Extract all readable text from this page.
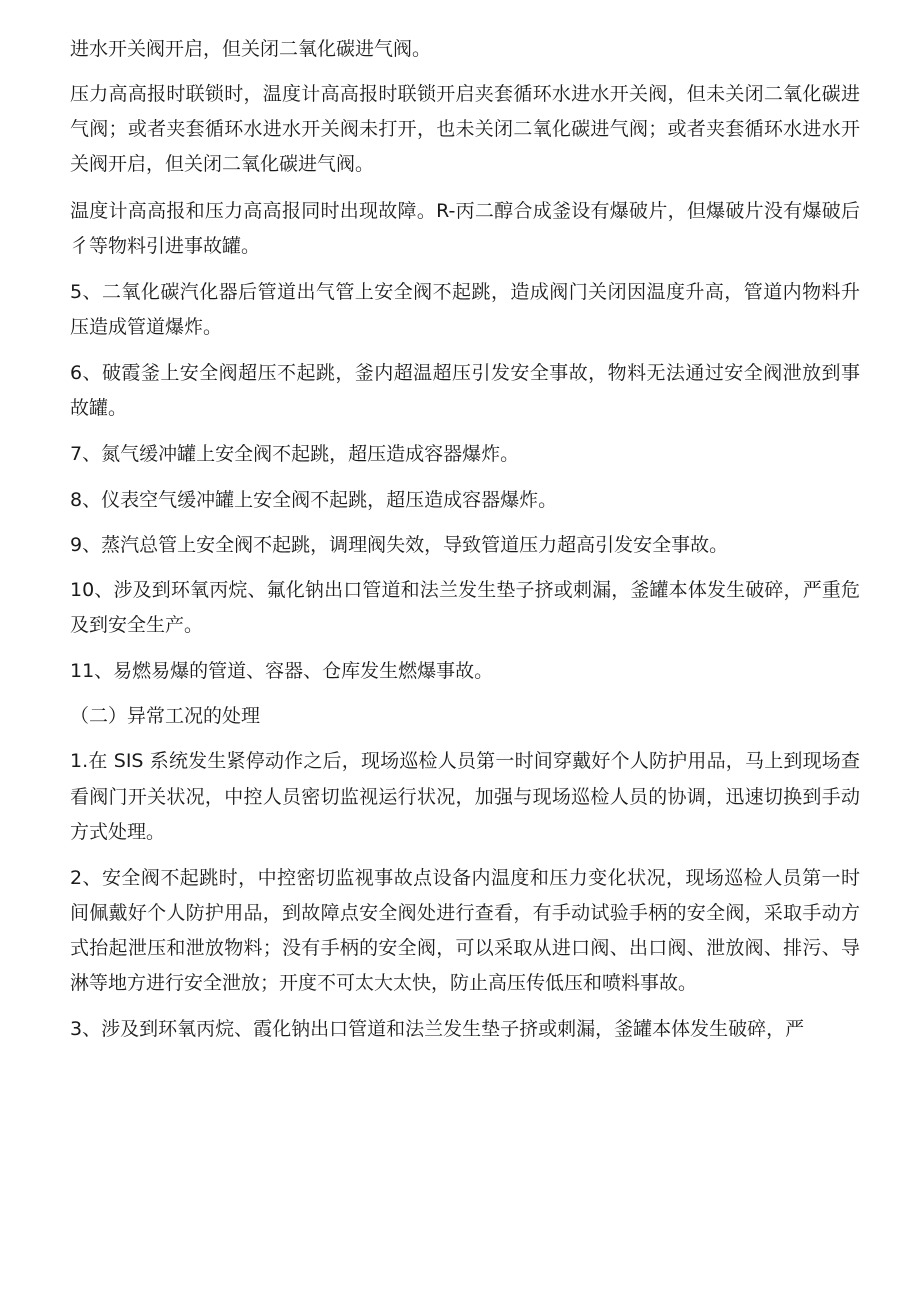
进水开关阀开启，但关闭二氧化碳进气阀。

压力高高报时联锁时，温度计高高报时联锁开启夹套循环水进水开关阀，但未关闭二氧化碳进气阀；或者夹套循环水进水开关阀未打开，也未关闭二氧化碳进气阀；或者夹套循环水进水开关阀开启，但关闭二氧化碳进气阀。

温度计高高报和压力高高报同时出现故障。R-丙二醇合成釜设有爆破片，但爆破片没有爆破后彳等物料引进事故罐。

5、二氧化碳汽化器后管道出气管上安全阀不起跳，造成阀门关闭因温度升高，管道内物料升压造成管道爆炸。

6、破霞釜上安全阀超压不起跳，釜内超温超压引发安全事故，物料无法通过安全阀泄放到事故罐。

7、氮气缓冲罐上安全阀不起跳，超压造成容器爆炸。

8、仪表空气缓冲罐上安全阀不起跳，超压造成容器爆炸。

9、蒸汽总管上安全阀不起跳，调理阀失效，导致管道压力超高引发安全事故。

10、涉及到环氧丙烷、氟化钠出口管道和法兰发生垫子挤或刺漏，釜罐本体发生破碎，严重危及到安全生产。

11、易燃易爆的管道、容器、仓库发生燃爆事故。

（二）异常工况的处理

1.在 SIS 系统发生紧停动作之后，现场巡检人员第一时间穿戴好个人防护用品，马上到现场查看阀门开关状况，中控人员密切监视运行状况，加强与现场巡检人员的协调，迅速切换到手动方式处理。

2、安全阀不起跳时，中控密切监视事故点设备内温度和压力变化状况，现场巡检人员第一时间佩戴好个人防护用品，到故障点安全阀处进行查看，有手动试验手柄的安全阀，采取手动方式抬起泄压和泄放物料；没有手柄的安全阀，可以采取从进口阀、出口阀、泄放阀、排污、导淋等地方进行安全泄放；开度不可太大太快，防止高压传低压和喷料事故。

3、涉及到环氧丙烷、霞化钠出口管道和法兰发生垫子挤或刺漏，釜罐本体发生破碎，严
